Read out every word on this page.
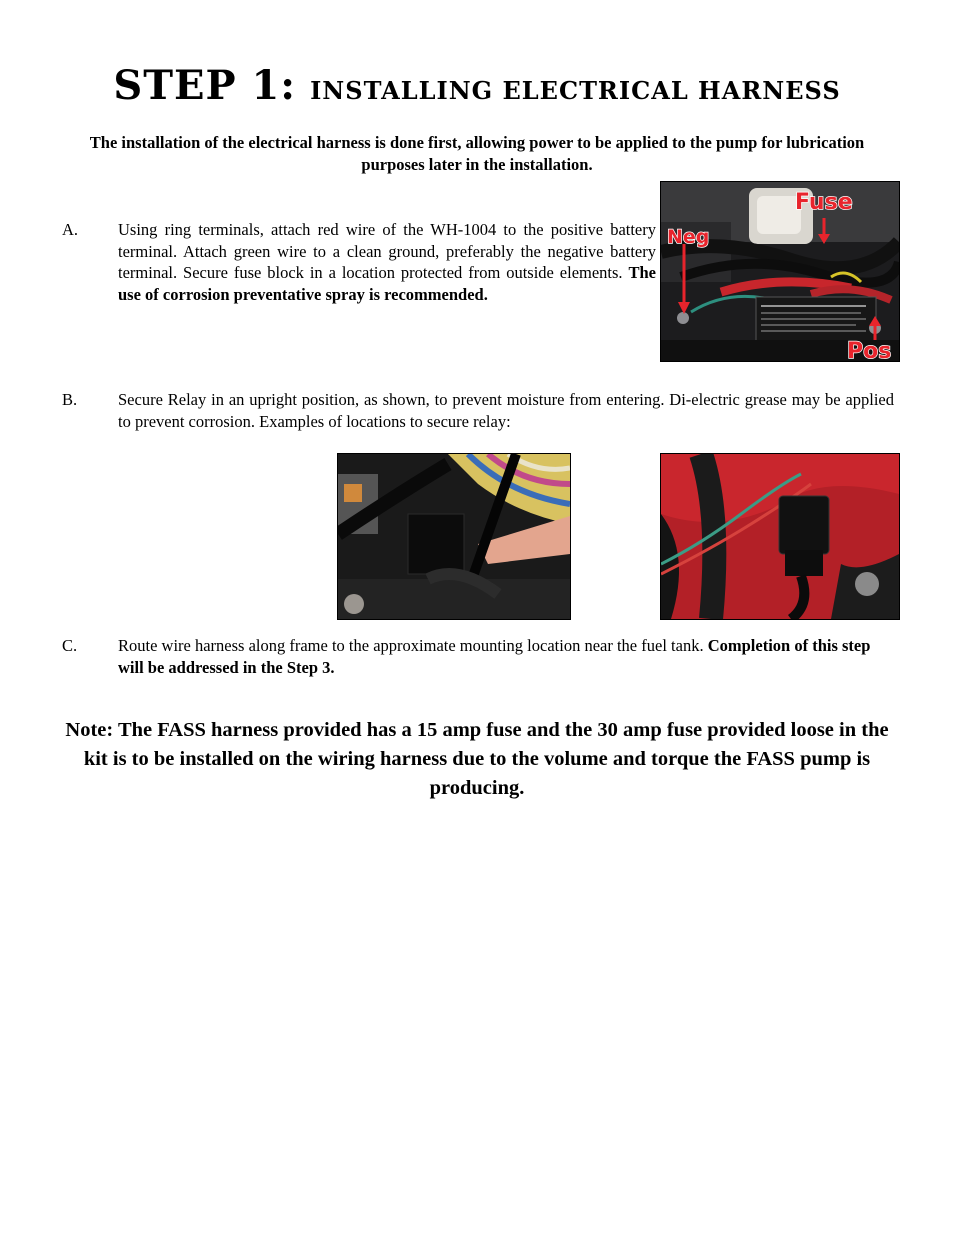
STEP 1: INSTALLING ELECTRICAL HARNESS
The installation of the electrical harness is done first, allowing power to be applied to the pump for lubrication purposes later in the installation.
A. Using ring terminals, attach red wire of the WH-1004 to the positive battery terminal. Attach green wire to a clean ground, preferably the negative battery terminal. Secure fuse block in a location protected from outside elements. The use of corrosion preventative spray is recommended.
Fuse
Neg
Pos
B. Secure Relay in an upright position, as shown, to prevent moisture from entering. Di-electric grease may be applied to prevent corrosion. Examples of locations to secure relay:
C. Route wire harness along frame to the approximate mounting location near the fuel tank. Completion of this step will be addressed in the Step 3.
Note: The FASS harness provided has a 15 amp fuse and the 30 amp fuse provided loose in the kit is to be installed on the wiring harness due to the volume and torque the FASS pump is producing.
